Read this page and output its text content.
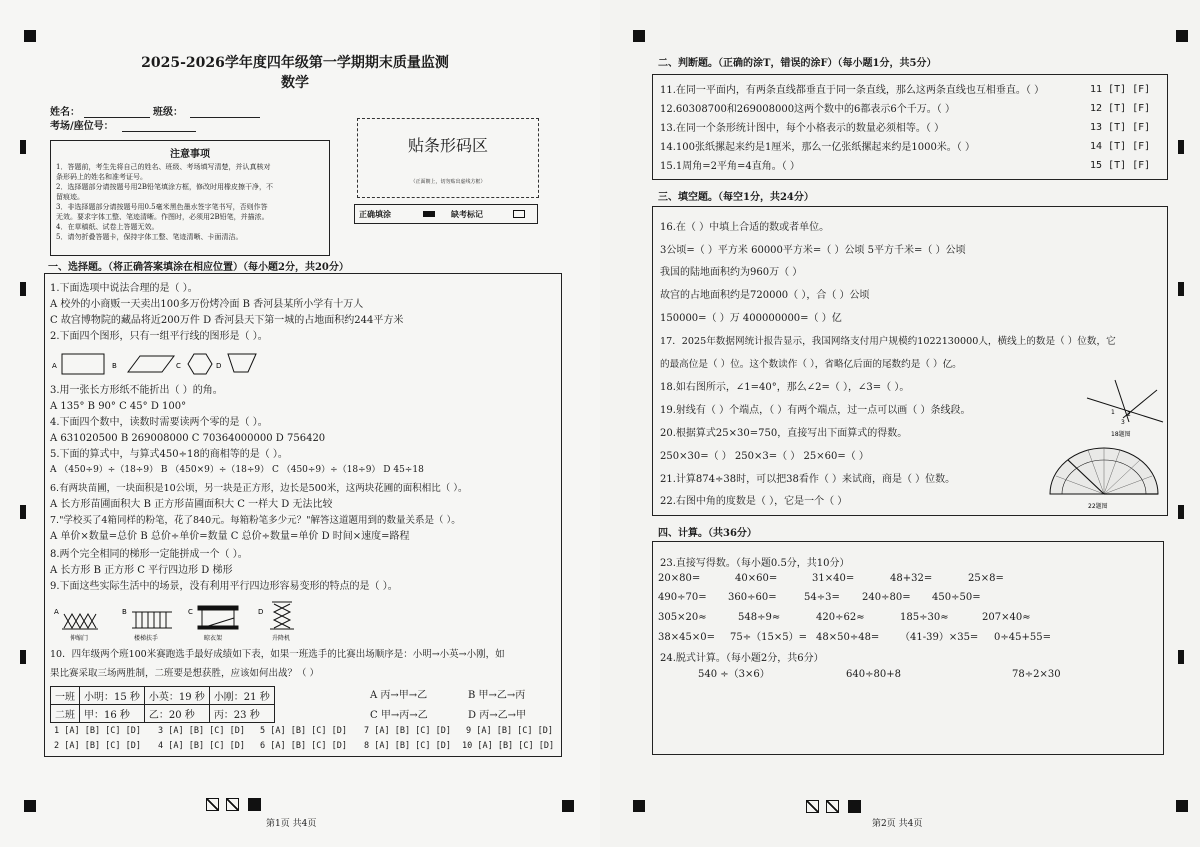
2025-2026学年度四年级第一学期期末质量监测
数学
姓名：	班级：
考场/座位号：
注意事项
1．答题前，考生先将自己的姓名、班级、考场填写清楚，并认真核对
条形码上的姓名和准考证号。
2．选择题部分请按题号用2B铅笔填涂方框，修改时用橡皮擦干净，不
留痕迹。
3．非选择题部分请按题号用0.5毫米黑色墨水签字笔书写，否则作答
无效。要求字体工整、笔迹清晰。作图时，必须用2B铅笔，并描浓。
4．在草稿纸、试卷上答题无效。
5．请勿折叠答题卡，保持字体工整、笔迹清晰、卡面清洁。
贴条形码区
（正面朝上，切勿贴出虚线方框）
正确填涂	缺考标记
一、选择题。（将正确答案填涂在相应位置）（每小题2分，共20分）
1.下面选项中说法合理的是（ ）。
A 校外的小商贩一天卖出100多万份烤冷面 B 香河县某所小学有十万人
C 故宫博物院的藏品将近200万件 D 香河县天下第一城的占地面积约244平方米
2.下面四个图形，只有一组平行线的图形是（ ）。
A	B	C	D
3.用一张长方形纸不能折出（ ）的角。
A 135° B 90° C 45° D 100°
4.下面四个数中，读数时需要读两个零的是（ ）。
A 631020500 B 269008000 C 70364000000 D 756420
5.下面的算式中，与算式450÷18的商相等的是（ ）。
A （450÷9）÷（18÷9） B （450×9）÷（18÷9） C （450÷9）÷（18÷9） D 45÷18
6.有两块苗圃，一块面积是10公顷，另一块是正方形，边长是500米，这两块花圃的面积相比（ ）。
A 长方形苗圃面积大 B 正方形苗圃面积大 C 一样大 D 无法比较
7."学校买了4箱同样的粉笔，花了840元。每箱粉笔多少元？"解答这道题用到的数量关系是（ ）。
A 单价×数量=总价 B 总价÷单价=数量 C 总价÷数量=单价 D 时间×速度=路程
8.两个完全相同的梯形一定能拼成一个（ ）。
A 长方形 B 正方形 C 平行四边形 D 梯形
9.下面这些实际生活中的场景，没有利用平行四边形容易变形的特点的是（ ）。
A
伸缩门
B
楼梯扶手
C
晾衣架
D
升降机
10．四年级两个班100米赛跑选手最好成绩如下表，如果一班选手的比赛出场顺序是：小明→小英→小刚，如
果比赛采取三场两胜制，二班要是想获胜，应该如何出战？（ ）
一班	小明：15 秒	小英：19 秒	小刚：21 秒
二班	甲：16 秒	乙：20 秒	丙：23 秒
A 丙→甲→乙	B 甲→乙→丙
C 甲→丙→乙	D 丙→乙→甲
1 [A] [B] [C] [D] 3 [A] [B] [C] [D] 5 [A] [B] [C] [D] 7 [A] [B] [C] [D] 9 [A] [B] [C] [D]
2 [A] [B] [C] [D] 4 [A] [B] [C] [D] 6 [A] [B] [C] [D] 8 [A] [B] [C] [D] 10 [A] [B] [C] [D]
第1页 共4页
二、判断题。（正确的涂T，错误的涂F）（每小题1分，共5分）
11.在同一平面内，有两条直线都垂直于同一条直线，那么这两条直线也互相垂直。（ ）
12.60308700和269008000这两个数中的6都表示6个千万。（ ）
13.在同一个条形统计图中，每个小格表示的数量必须相等。（ ）
14.100张纸摞起来约是1厘米，那么一亿张纸摞起来约是1000米。（ ）
15.1周角=2平角=4直角。（ ）
11 [T] [F]
12 [T] [F]
13 [T] [F]
14 [T] [F]
15 [T] [F]
三、填空题。（每空1分，共24分）
16.在（ ）中填上合适的数或者单位。
3公顷=（ ）平方米 60000平方米=（ ）公顷 5平方千米=（ ）公顷
我国的陆地面积约为960万（ ）
故宫的占地面积约是720000（ ），合（ ）公顷
150000=（ ）万 400000000=（ ）亿
17．2025年数据网统计报告显示，我国网络支付用户规模约1022130000人，横线上的数是（ ）位数，它
的最高位是（ ）位。这个数读作（ ），省略亿后面的尾数约是（ ）亿。
18.如右图所示，∠1=40°，那么∠2=（ ），∠3=（ ）。
19.射线有（ ）个端点，（ ）有两个端点，过一点可以画（ ）条线段。
20.根据算式25×30=750，直接写出下面算式的得数。
250×30=（ ） 250×3=（ ） 25×60=（ ）
21.计算874÷38时，可以把38看作（ ）来试商，商是（ ）位数。
22.右图中角的度数是（ ），它是一个（ ）
1 2
3
18题图
22题图
四、计算。（共36分）
23.直接写得数。（每小题0.5分，共10分）
20×80=	40×60=	31×40=	48+32=	25×8=
490÷70= 360÷60=	54÷3= 240÷80= 450÷50=
305×20≈	548÷9≈	420÷62≈	185÷30≈	207×40≈
38×45×0= 75÷（15×5）= 48×50÷48= （41-39）×35= 0÷45+55=
24.脱式计算。（每小题2分，共6分）
540 ÷（3×6）	640÷80+8	78÷2×30
第2页 共4页
